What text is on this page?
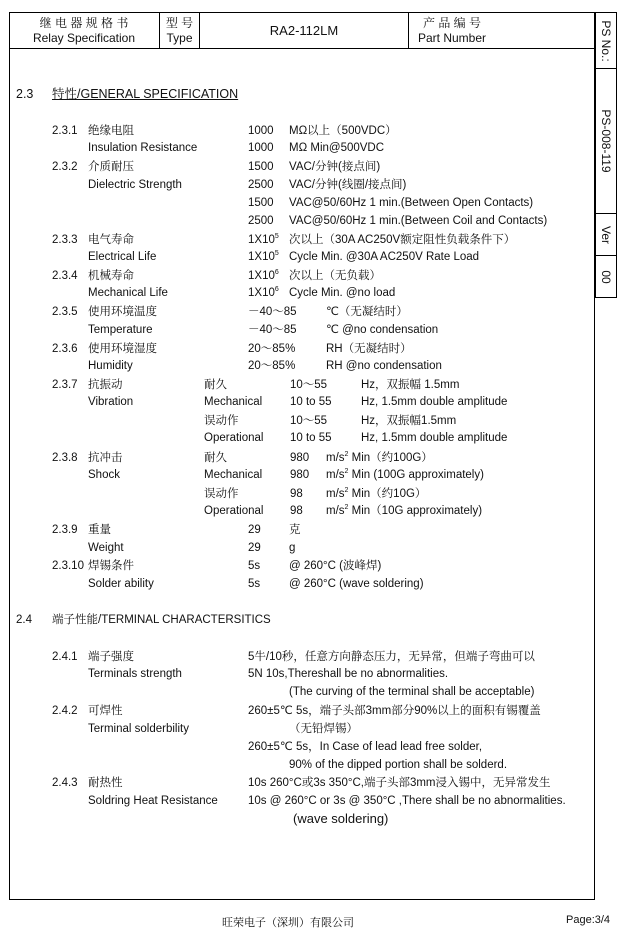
继 电 器 规 格 书
Relay Specification
型 号
Type	RA2-112LM	产 品 编 号
Part Number	PS No.:
PS-008-119
Ver
00
2.3 特性/GENERAL SPECIFICATION
2.3.1 绝缘电阻
Insulation Resistance
1000 MΩ以上（500VDC）
1000 MΩ Min@500VDC
2.3.2 介质耐压
Dielectric Strength
1500 VAC/分钟(接点间)
2500 VAC/分钟(线圈/接点间)
1500 VAC@50/60Hz 1 min.(Between Open Contacts)
2500 VAC@50/60Hz 1 min.(Between Coil and Contacts)
2.3.3 电气寿命
Electrical Life
$1X10^5$ 次以上（30A AC250V额定阻性负载条件下）
$1X10^5$ Cycle Min. @30A AC250V Rate Load
2.3.4 机械寿命
Mechanical Life
$1X10^6$ 次以上（无负载）
$1X10^6$ Cycle Min. @no load
2.3.5 使用环境温度
Temperature
－40～85	℃（无凝结时）
－40～85	℃ @no condensation
2.3.6 使用环境湿度
Humidity
20～85%	RH（无凝结时）
20～85%	RH @no condensation
2.3.7 抗振动
Vibration
耐久	10～55	Hz，双振幅 1.5mm
Mechanical 10 to 55	Hz, 1.5mm double amplitude
误动作	10～55	Hz，双振幅1.5mm
Operational 10 to 55	Hz, 1.5mm double amplitude
2.3.8 抗冲击
Shock
耐久	980 $m/s^2$ Min（约100G）
Mechanical 980 $m/s^2$ Min (100G approximately)
误动作	98 $m/s^2$ Min（约10G）
Operational 98 $m/s^2$ Min（10G approximately)
2.3.9 重量
Weight
29 克
29 g
2.3.10 焊锡条件
Solder ability
5s	@ 260°C (波峰焊)
5s	@ 260°C (wave soldering)
2.4 端子性能/TERMINAL CHARACTERSITICS
2.4.1 端子强度
Terminals strength
5牛/10秒，任意方向静态压力，无异常，但端子弯曲可以
5N 10s,Thereshall be no abnormalities.
(The curving of the terminal shall be acceptable)
2.4.2 可焊性
Terminal solderbility
260±5℃ 5s，端子头部3mm部分90%以上的面积有锡覆盖
（无铅焊锡）
260±5℃ 5s，In Case of lead lead free solder,
90% of the dipped portion shall be solderd.
2.4.3 耐热性
Soldring Heat Resistance
10s 260°C或3s 350°C,端子头部3mm浸入锡中，无异常发生
10s @ 260°C or 3s @ 350°C ,There shall be no abnormalities.
(wave soldering)
旺荣电子（深圳）有限公司	Page:3/4
